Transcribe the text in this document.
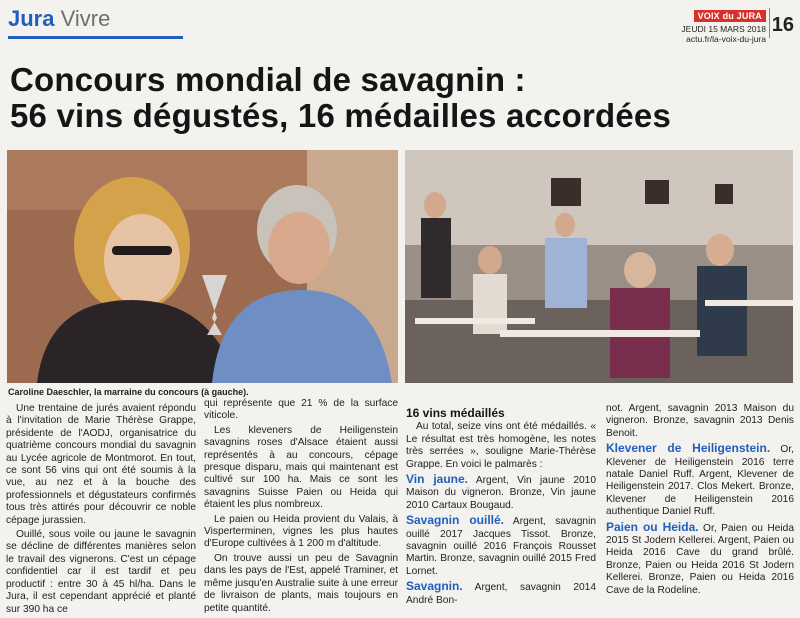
Jura Vivre	VOIX du JURA
JEUDI 15 MARS 2018
actu.fr/la-voix-du-jura
16
Concours mondial de savagnin :
56 vins dégustés, 16 médailles accordées
Caroline Daeschler, la marraine du concours (à gauche).

Une trentaine de jurés avaient répondu à l'invitation de Marie Thérèse Grappe, présidente de l'AODJ, organisatrice du quatrième concours mondial du savagnin au Lycée agricole de Montmorot. En tout, ce sont 56 vins qui ont été soumis à la vue, au nez et à la bouche des professionnels et dégustateurs confirmés tous très attirés pour découvrir ce noble cépage jurassien.

Ouillé, sous voile ou jaune le savagnin se décline de différentes manières selon le travail des vignerons. C'est un cépage confidentiel car il est tardif et peu productif : entre 30 à 45 hl/ha. Dans le Jura, il est cependant apprécié et planté sur 390 ha ce

qui représente que 21 % de la surface viticole.

Les kleveners de Heiligenstein savagnins roses d'Alsace étaient aussi représentés à au concours, cépage presque disparu, mais qui maintenant est cultivé sur 100 ha. Mais ce sont les savagnins Suisse Paien ou Heida qui étaient les plus nombreux.

Le paien ou Heida provient du Valais, à Visperterminen, vignes les plus hautes d'Europe cultivées à 1 200 m d'altitude.

On trouve aussi un peu de Savagnin dans les pays de l'Est, appelé Traminer, et même jusqu'en Australie suite à une erreur de livraison de plants, mais toujours en petite quantité.

16 vins médaillés

Au total, seize vins ont été médaillés. « Le résultat est très homogène, les notes très serrées », souligne Marie-Thérèse Grappe. En voici le palmarès :

Vin jaune. Argent, Vin jaune 2010 Maison du vigneron. Bronze, Vin jaune 2010 Cartaux Bougaud.

Savagnin ouillé. Argent, savagnin ouillé 2017 Jacques Tissot. Bronze, savagnin ouillé 2016 François Rousset Martin. Bronze, savagnin ouillé 2015 Fred Lornet.

Savagnin. Argent, savagnin 2014 André Bon-

not. Argent, savagnin 2013 Maison du vigneron. Bronze, savagnin 2013 Denis Benoit.

Klevener de Heiligenstein. Or, Klevener de Heiligenstein 2016 terre natale Daniel Ruff. Argent, Klevener de Heiligenstein 2017. Clos Mekert. Bronze, Klevener de Heiligenstein 2016 authentique Daniel Ruff.

Paien ou Heida. Or, Paien ou Heida 2015 St Jodern Kellerei. Argent, Paien ou Heida 2016 Cave du grand brûlé. Bronze, Paien ou Heida 2016 St Jodern Kellerei. Bronze, Paien ou Heida 2016 Cave de la Rodeline.
